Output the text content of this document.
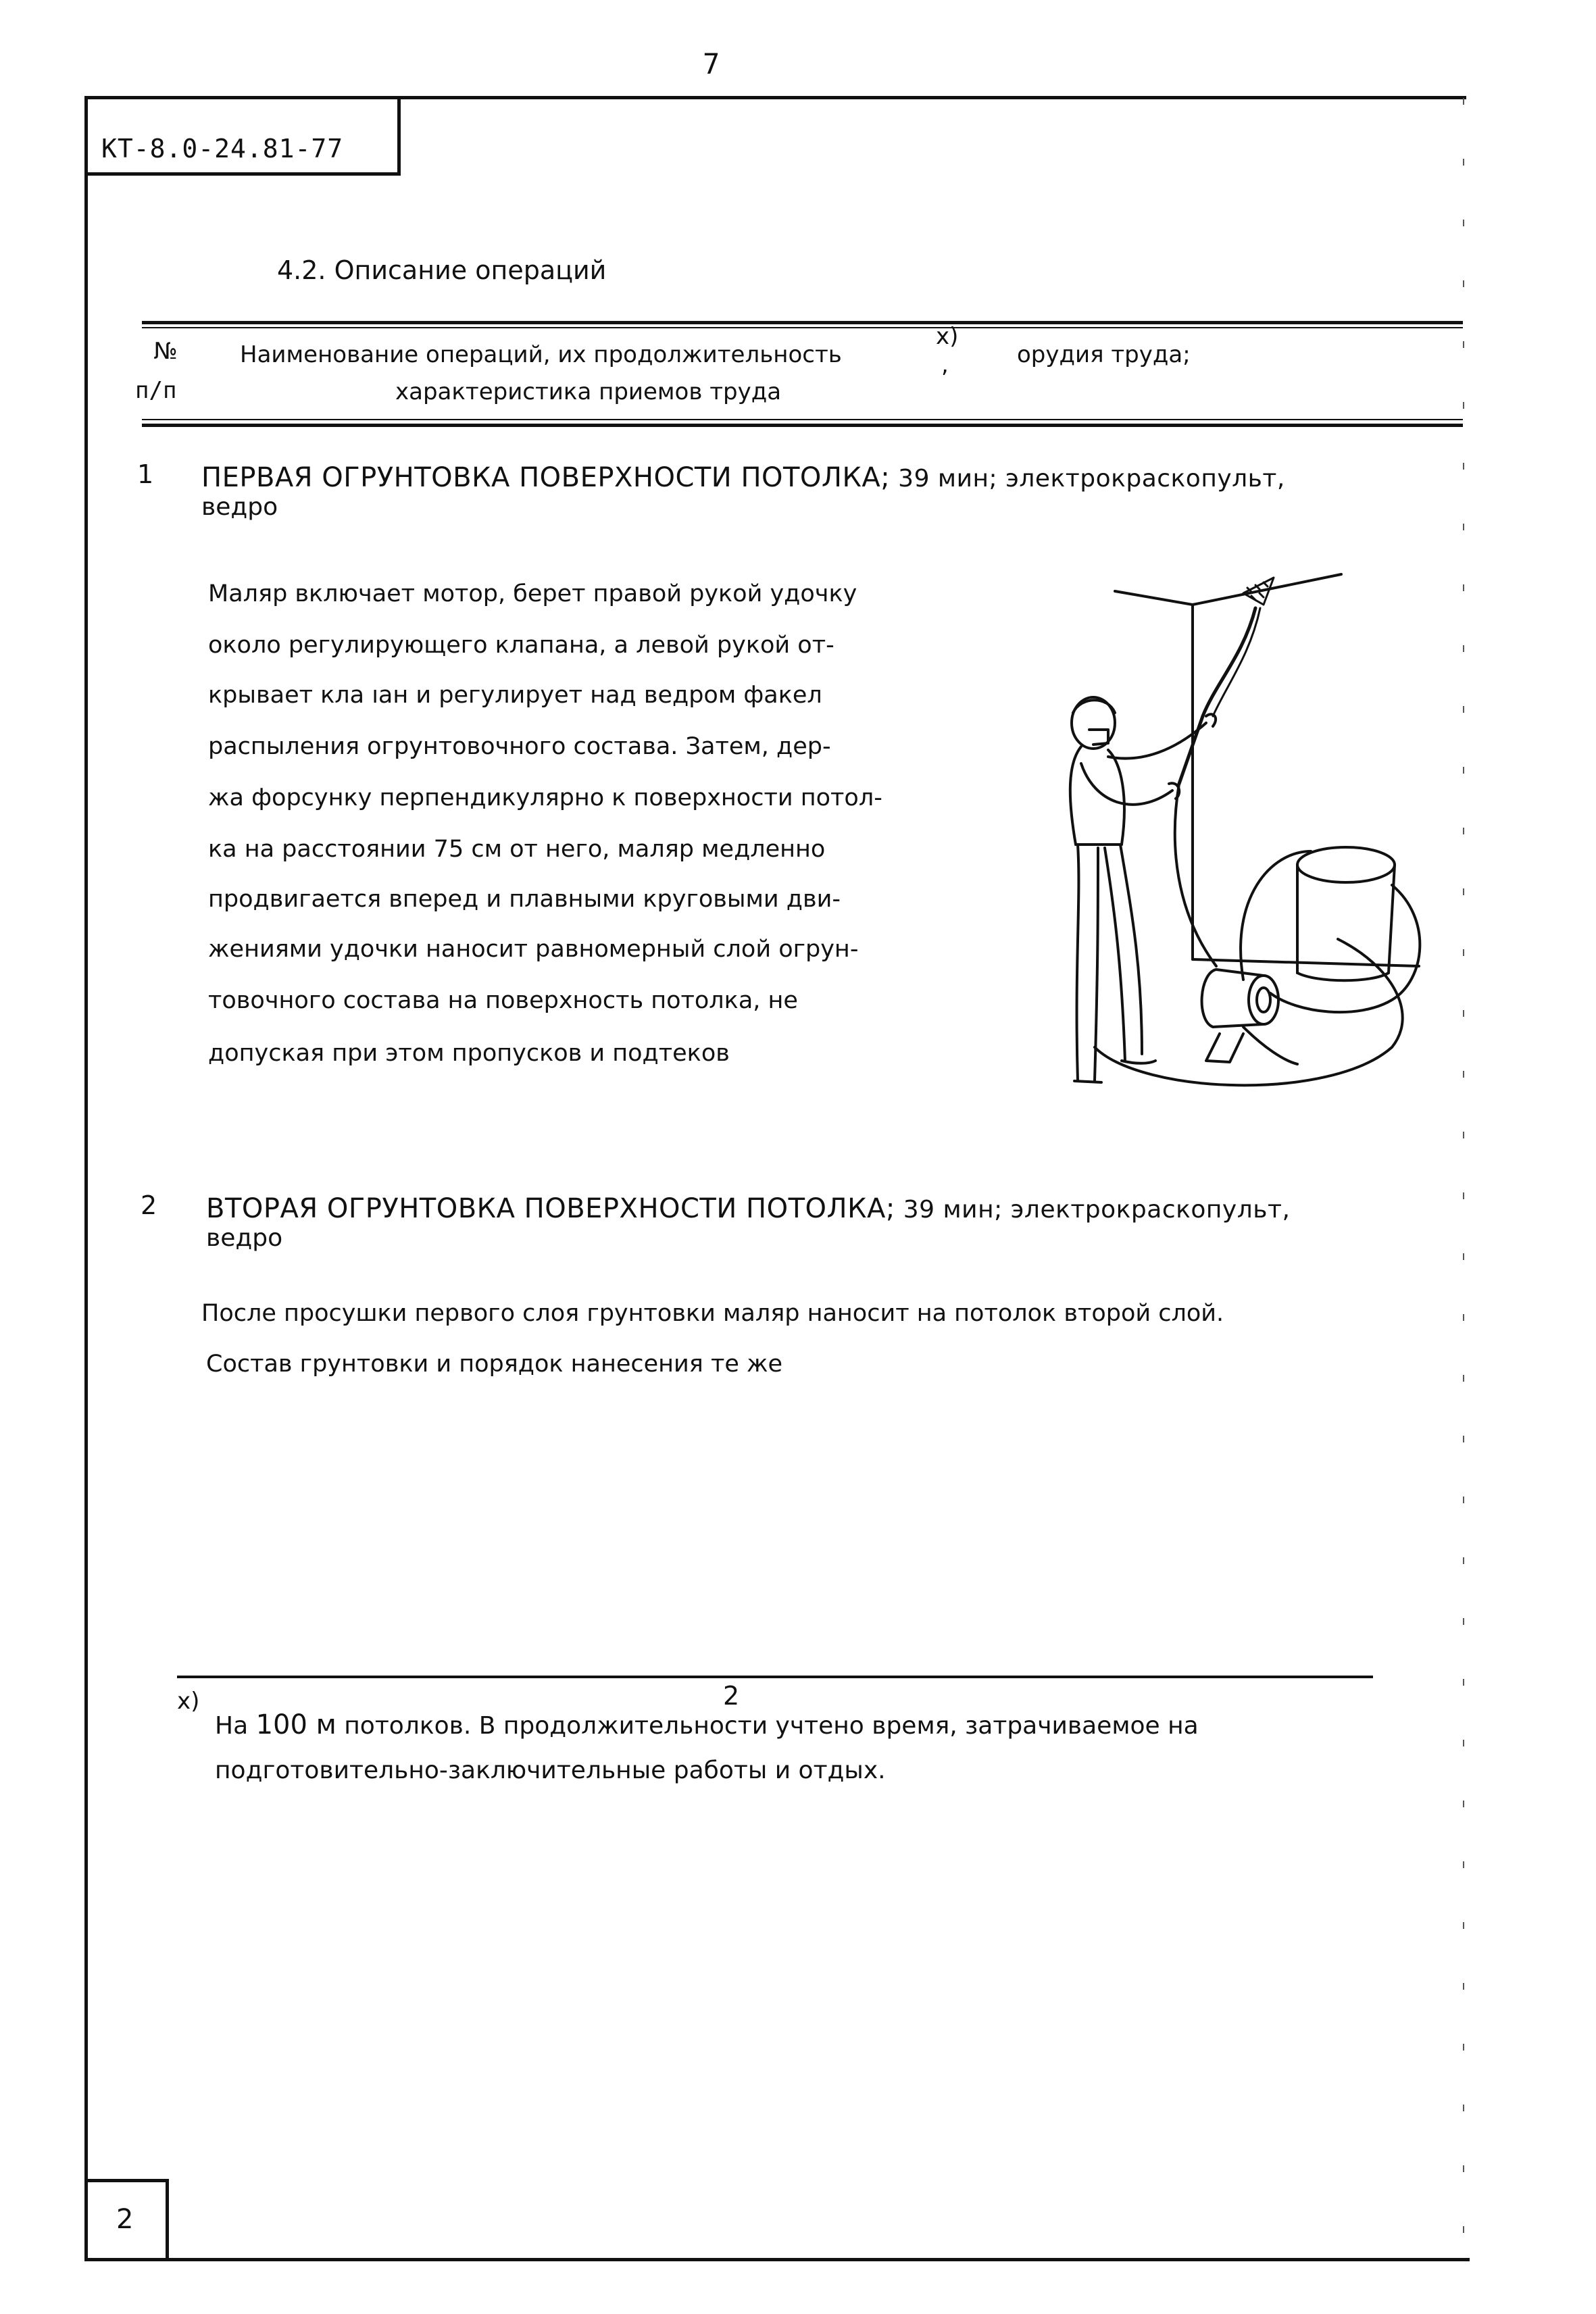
7
КТ-8.0-24.81-77
4.2. Описание операций
№
п/п
Наименование операций, их продолжительность
x)
,	орудия труда;
характеристика приемов труда
1 ПЕРВАЯ ОГРУНТОВКА ПОВЕРХНОСТИ ПОТОЛКА; 39 мин; электрокраскопульт,
ведро
Маляр включает мотор, берет правой рукой удочку
около регулирующего клапана, а левой рукой от-
крывает кла ıан и регулирует над ведром факел
распыления огрунтовочного состава. Затем, дер-
жа форсунку перпендикулярно к поверхности потол-
ка на расстоянии 75 см от него, маляр медленно
продвигается вперед и плавными круговыми дви-
жениями удочки наносит равномерный слой огрун-
товочного состава на поверхность потолка, не
допуская при этом пропусков и подтеков
2 ВТОРАЯ ОГРУНТОВКА ПОВЕРХНОСТИ ПОТОЛКА; 39 мин; электрокраскопульт,
ведро
После просушки первого слоя грунтовки маляр наносит на потолок второй слой.
Состав грунтовки и порядок нанесения те же
x)
На 100 м потолков. В продолжительности учтено время, затрачиваемое на
2
подготовительно-заключительные работы и отдых.
2
